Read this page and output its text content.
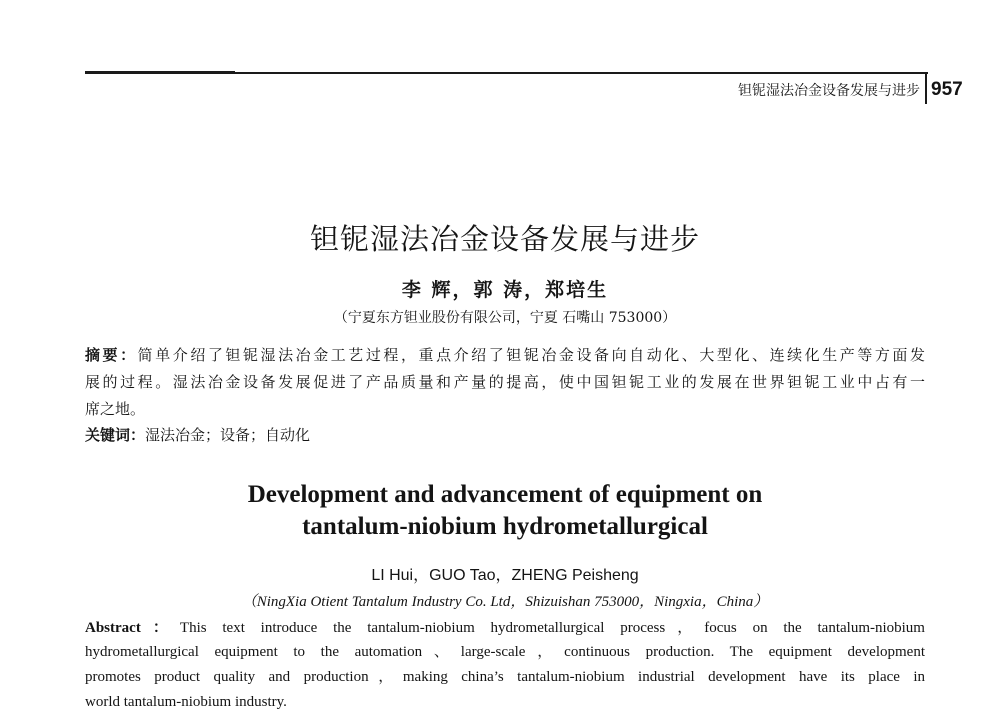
钽铌湿法冶金设备发展与进步 957
钽铌湿法冶金设备发展与进步
李 辉，郭 涛，郑培生
（宁夏东方钽业股份有限公司，宁夏 石嘴山 753000）
摘要：简单介绍了钽铌湿法冶金工艺过程，重点介绍了钽铌冶金设备向自动化、大型化、连续化生产等方面发
展的过程。湿法冶金设备发展促进了产品质量和产量的提高，使中国钽铌工业的发展在世界钽铌工业中占有一
席之地。
关键词：湿法冶金；设备；自动化
Development and advancement of equipment on
tantalum-niobium hydrometallurgical
LI Hui，GUO Tao，ZHENG Peisheng
（NingXia Otient Tantalum Industry Co. Ltd，Shizuishan 753000，Ningxia，China）
Abstract：This text introduce the tantalum-niobium hydrometallurgical process，focus on the tantalum-niobium
hydrometallurgical equipment to the automation、large-scale，continuous production. The equipment development
promotes product quality and production，making china’s tantalum-niobium industrial development have its place in
world tantalum-niobium industry.
